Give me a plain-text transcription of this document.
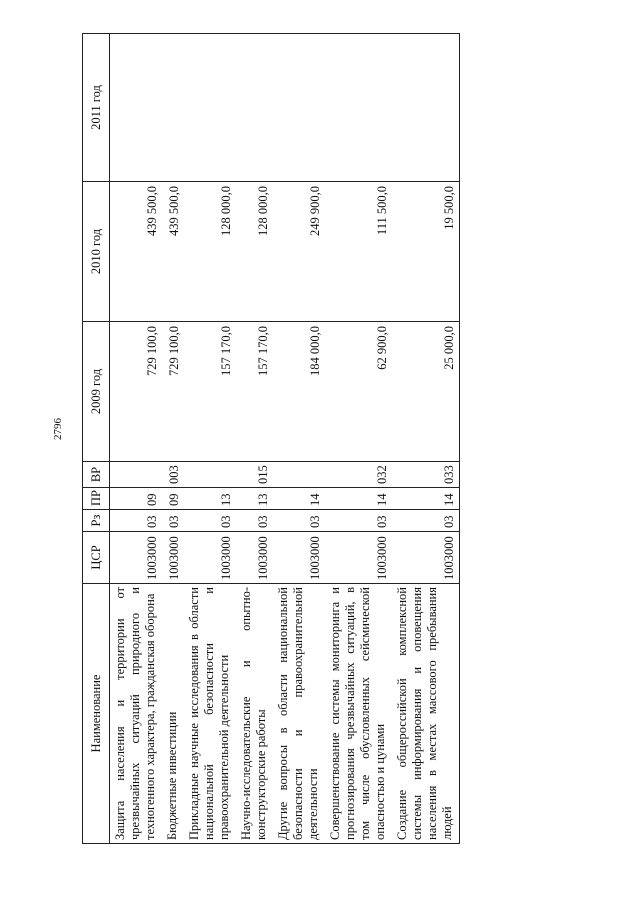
2796
Наименование	ЦСР	Рз	ПР	ВР	2009 год	2010 год	2011 год
Защита населения и территории от чрезвычайных ситуаций природного и техногенного характера, гражданская оборона	1003000	03	09		729 100,0	439 500,0	
Бюджетные инвестиции	1003000	03	09	003	729 100,0	439 500,0	
Прикладные научные исследования в области национальной безопасности и правоохранительной деятельности	1003000	03	13		157 170,0	128 000,0	
Научно-исследовательские и опытно-конструкторские работы	1003000	03	13	015	157 170,0	128 000,0	
Другие вопросы в области национальной безопасности и правоохранительной деятельности	1003000	03	14		184 000,0	249 900,0	
Совершенствование системы мониторинга и прогнозирования чрезвычайных ситуаций, в том числе обусловленных сейсмической опасностью и цунами	1003000	03	14	032	62 900,0	111 500,0	
Создание общероссийской комплексной системы информирования и оповещения населения в местах массового пребывания людей	1003000	03	14	033	25 000,0	19 500,0	
